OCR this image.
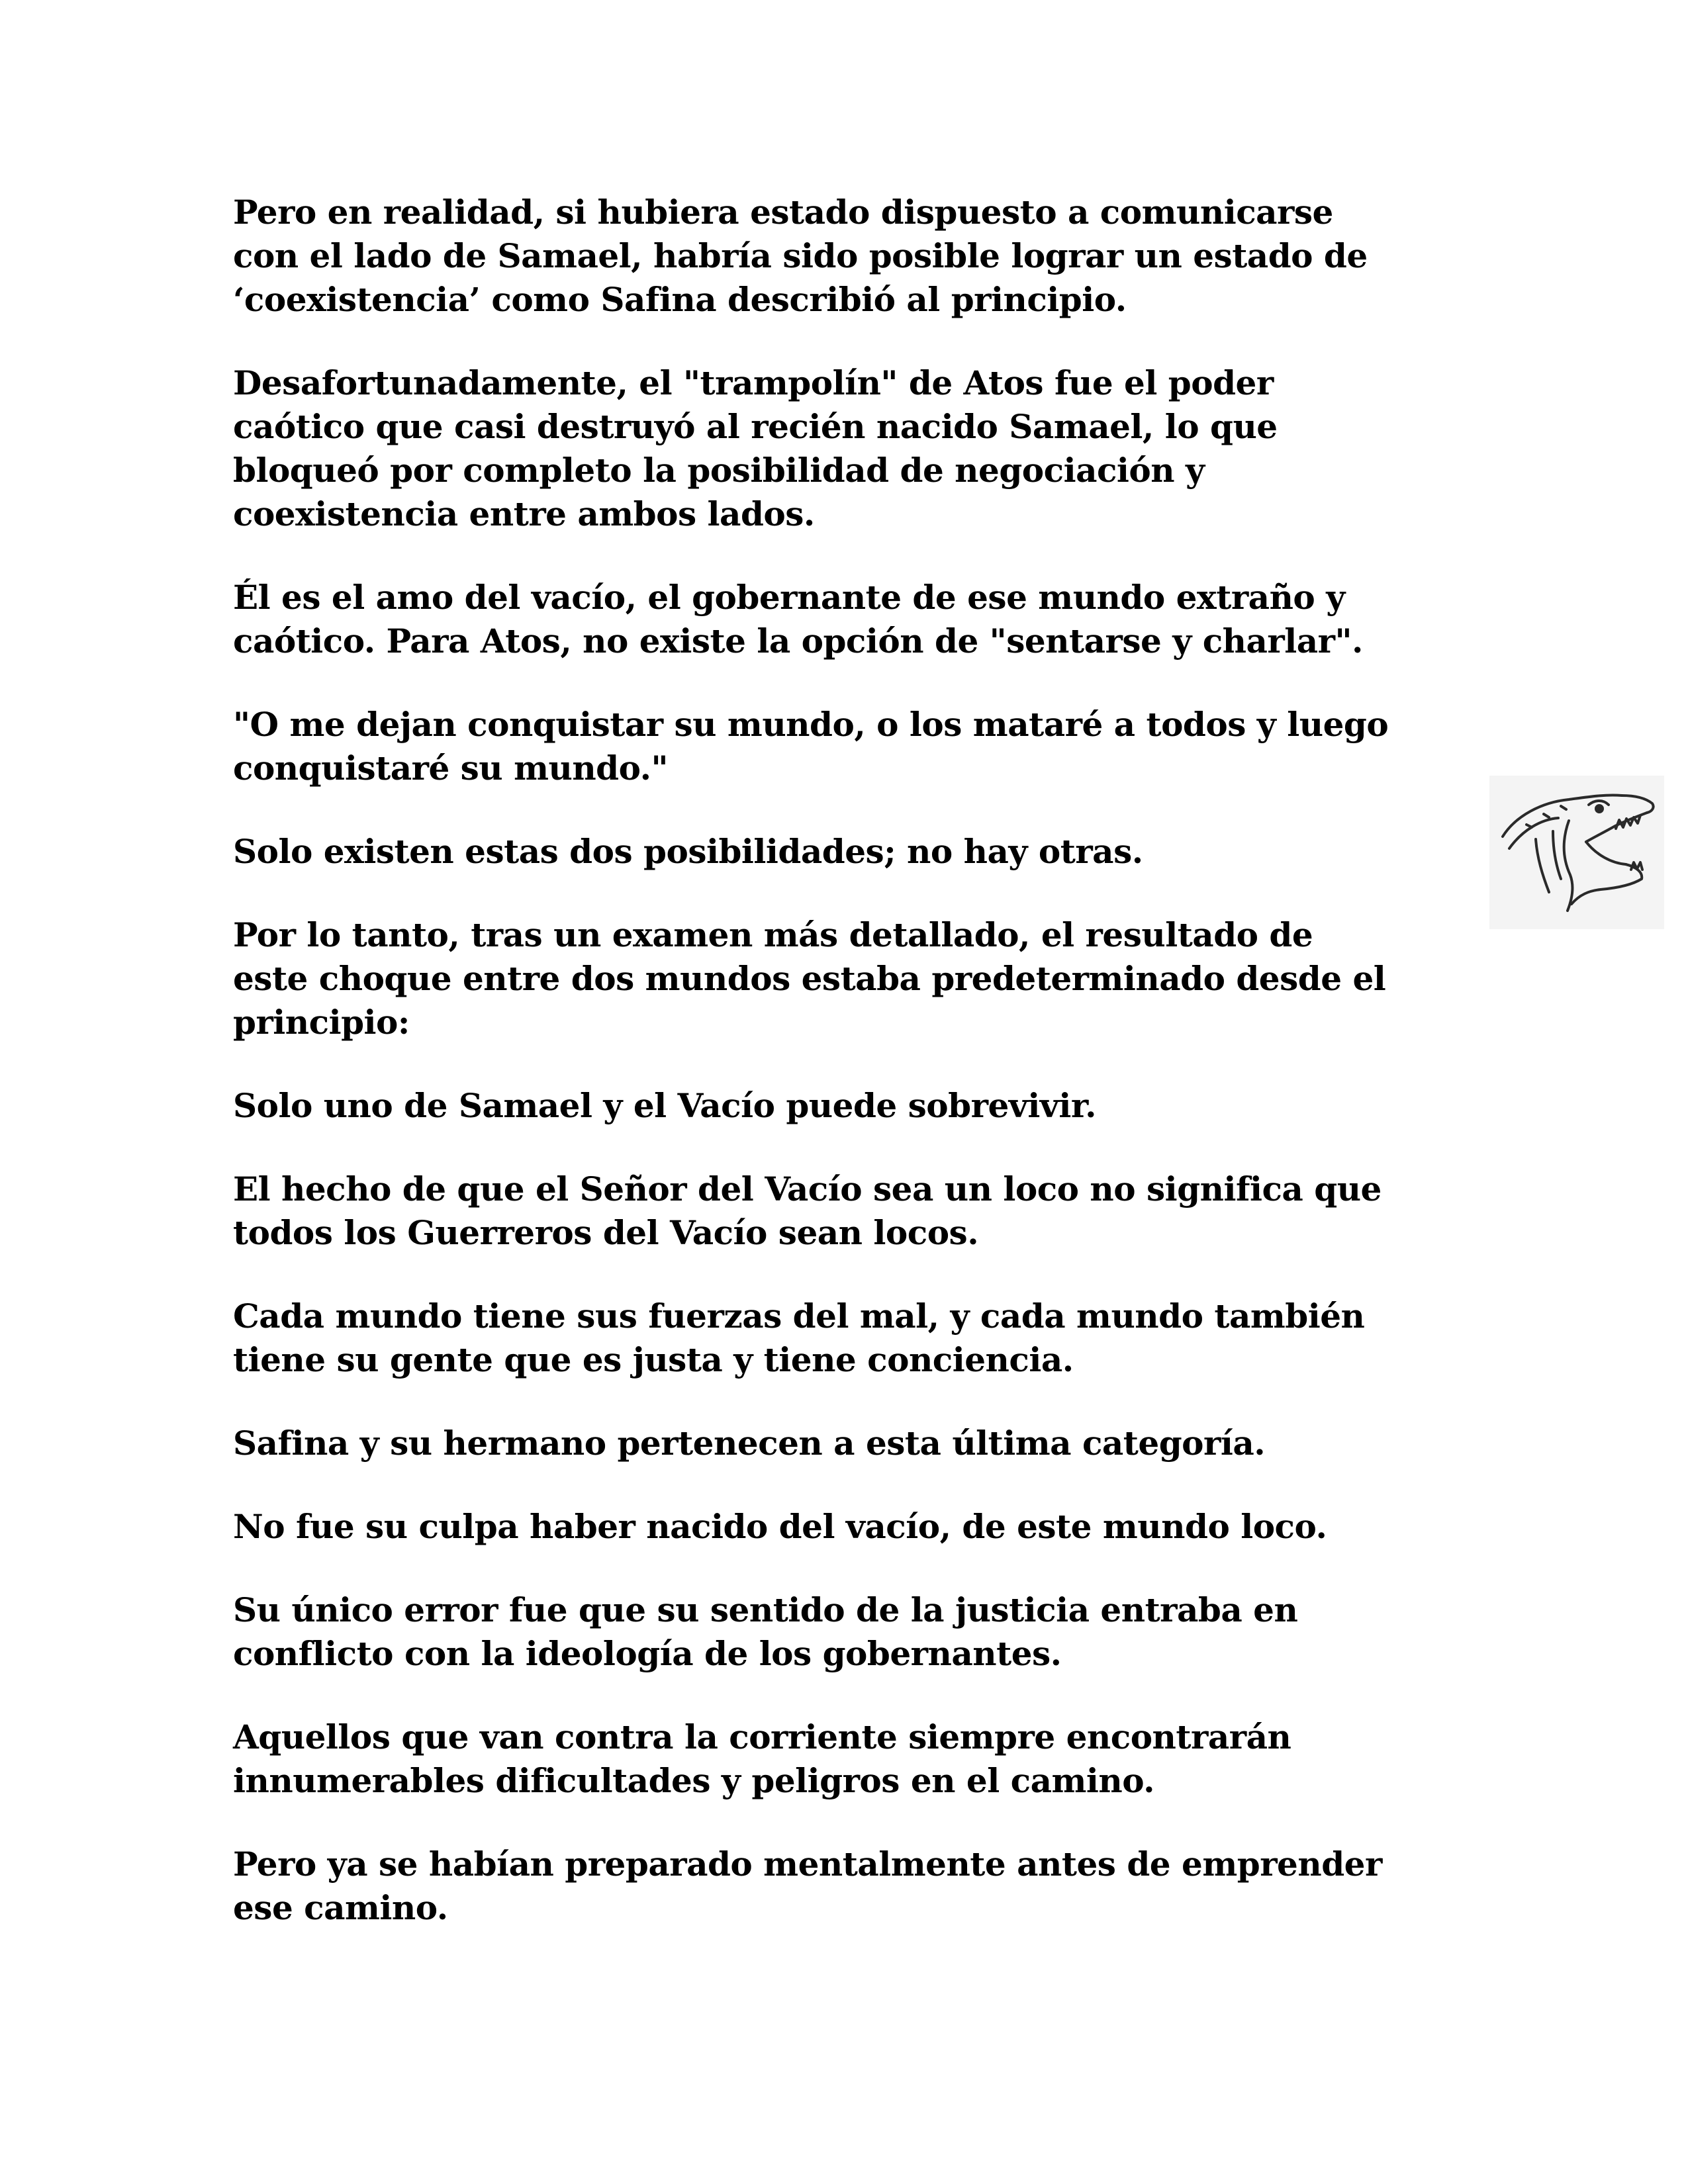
Pero en realidad, si hubiera estado dispuesto a comunicarse
con el lado de Samael, habría sido posible lograr un estado de
‘coexistencia’ como Safina describió al principio.

Desafortunadamente, el "trampolín" de Atos fue el poder
caótico que casi destruyó al recién nacido Samael, lo que
bloqueó por completo la posibilidad de negociación y
coexistencia entre ambos lados.

Él es el amo del vacío, el gobernante de ese mundo extraño y
caótico. Para Atos, no existe la opción de "sentarse y charlar".

"O me dejan conquistar su mundo, o los mataré a todos y luego
conquistaré su mundo."

Solo existen estas dos posibilidades; no hay otras.

Por lo tanto, tras un examen más detallado, el resultado de
este choque entre dos mundos estaba predeterminado desde el
principio:

Solo uno de Samael y el Vacío puede sobrevivir.

El hecho de que el Señor del Vacío sea un loco no significa que
todos los Guerreros del Vacío sean locos.

Cada mundo tiene sus fuerzas del mal, y cada mundo también
tiene su gente que es justa y tiene conciencia.

Safina y su hermano pertenecen a esta última categoría.

No fue su culpa haber nacido del vacío, de este mundo loco.

Su único error fue que su sentido de la justicia entraba en
conflicto con la ideología de los gobernantes.

Aquellos que van contra la corriente siempre encontrarán
innumerables dificultades y peligros en el camino.

Pero ya se habían preparado mentalmente antes de emprender
ese camino.
